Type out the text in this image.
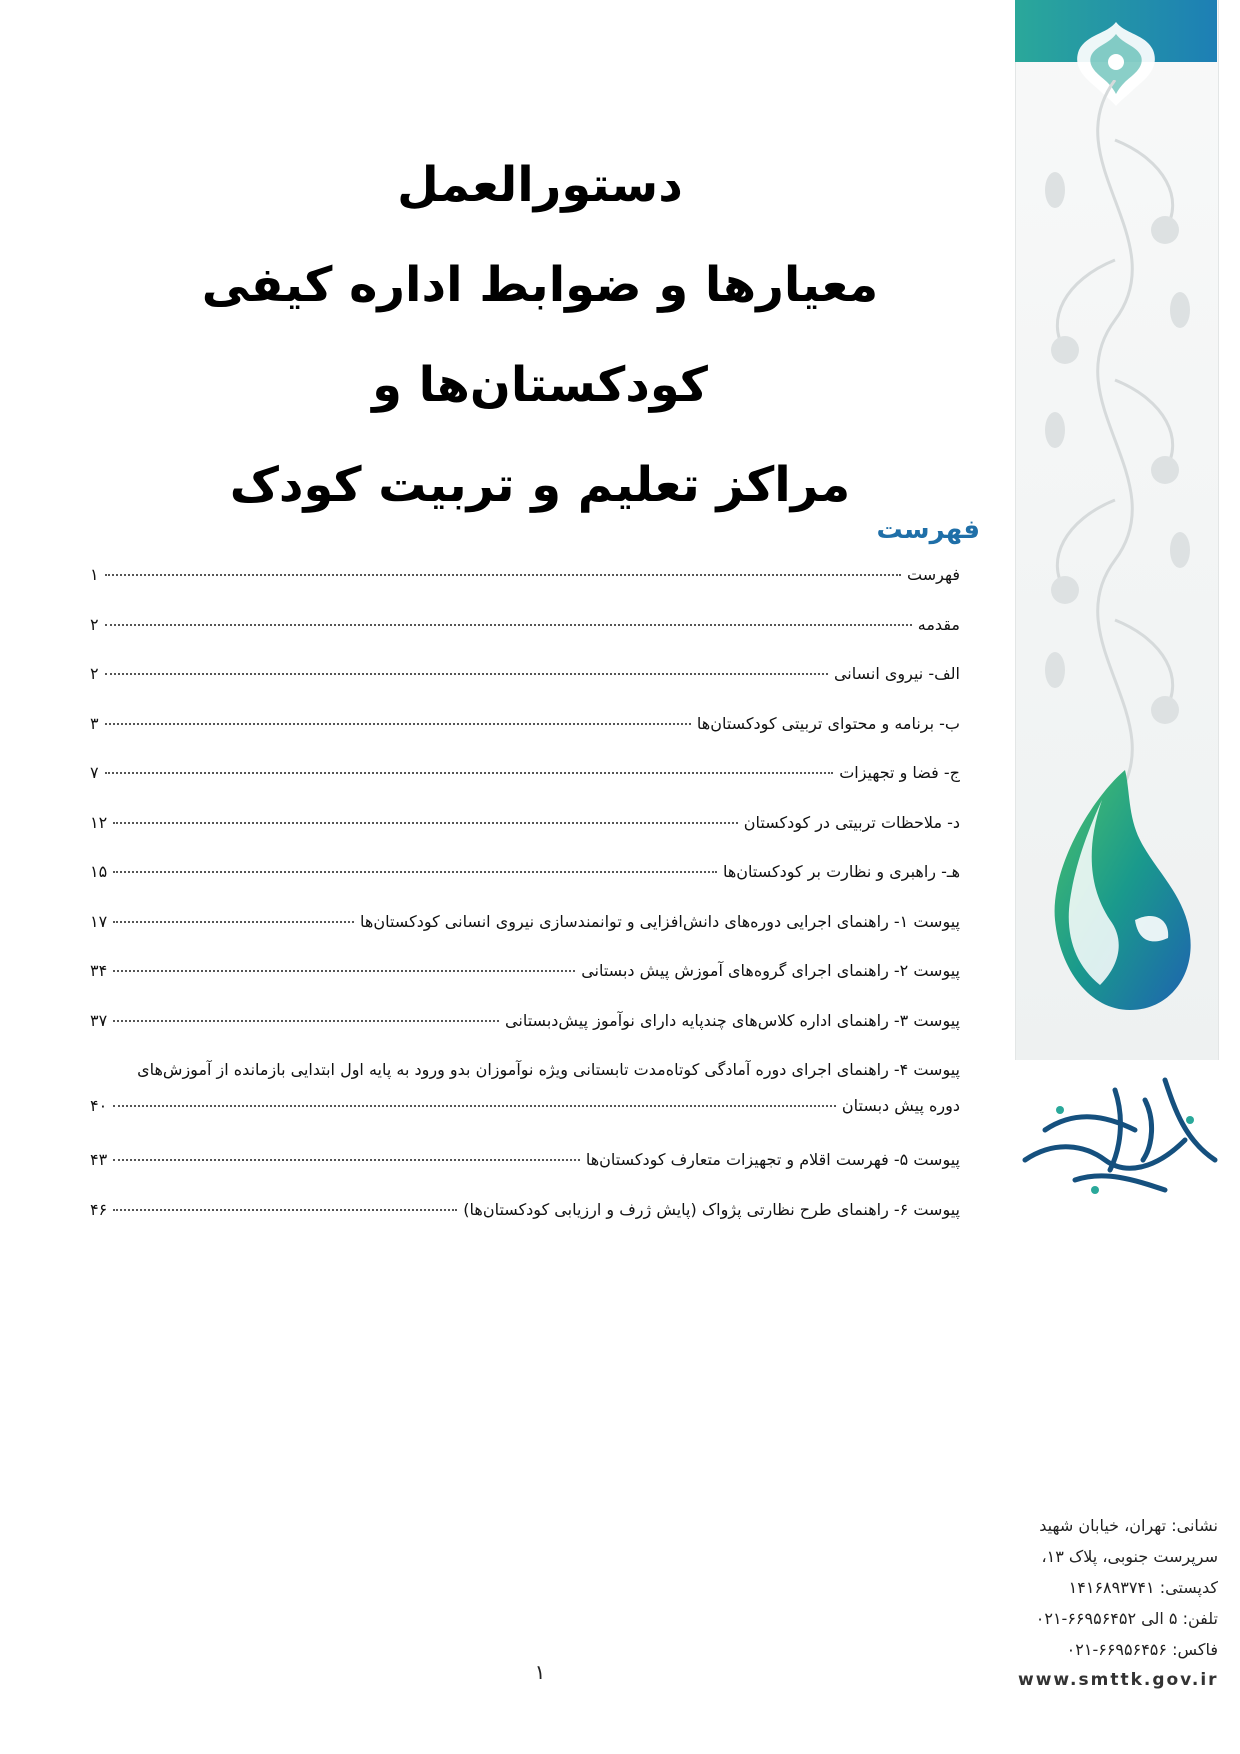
دستورالعمل
معیارها و ضوابط اداره کیفی کودکستان‌ها و
مراکز تعلیم و تربیت کودک
فهرست
فهرست
۱
مقدمه
۲
الف- نیروی انسانی
۲
ب- برنامه و محتوای تربیتی کودکستان‌ها
۳
ج- فضا و تجهیزات
۷
د- ملاحظات تربیتی در کودکستان
۱۲
هـ- راهبری و نظارت بر کودکستان‌ها
۱۵
پیوست ۱- راهنمای اجرایی دوره‌های دانش‌افزایی و توانمندسازی نیروی انسانی کودکستان‌ها
۱۷
پیوست ۲- راهنمای اجرای گروه‌های آموزش پیش دبستانی
۳۴
پیوست ۳- راهنمای اداره کلاس‌های چندپایه دارای نوآموز پیش‌دبستانی
۳۷
پیوست ۴- راهنمای اجرای دوره آمادگی کوتاه‌مدت تابستانی ویژه نوآموزان بدو ورود به پایه اول ابتدایی بازمانده از آموزش‌های
دوره پیش دبستان
۴۰
پیوست ۵- فهرست اقلام و تجهیزات متعارف کودکستان‌ها
۴۳
پیوست ۶- راهنمای طرح نظارتی پژواک (پایش ژرف و ارزیابی کودکستان‌ها)
۴۶
نشانی: تهران، خیابان شهید
سرپرست جنوبی، پلاک ۱۳،
کدپستی: ۱۴۱۶۸۹۳۷۴۱
تلفن: ۵ الی ۶۶۹۵۶۴۵۲-۰۲۱
فاکس: ۶۶۹۵۶۴۵۶-۰۲۱
www.smttk.gov.ir
۱
